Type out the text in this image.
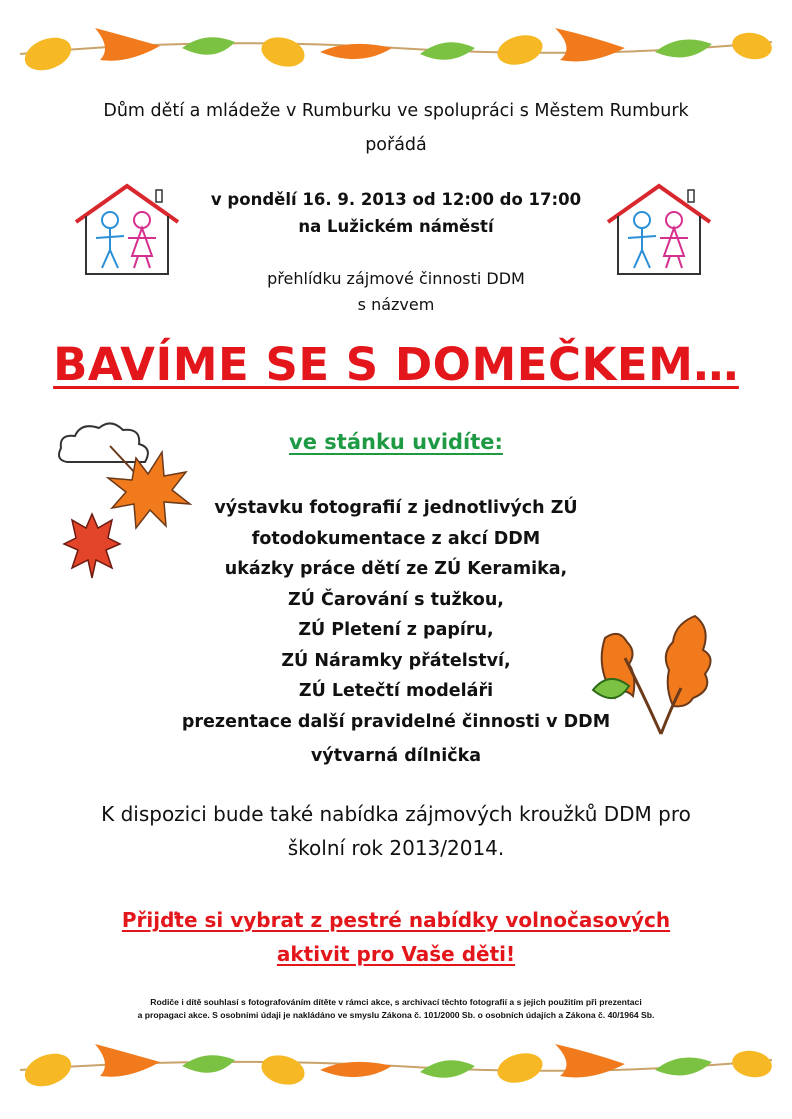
Dům dětí a mládeže v Rumburku ve spolupráci s Městem Rumburk
pořádá
v pondělí 16. 9. 2013 od 12:00 do 17:00
na Lužickém náměstí
přehlídku zájmové činnosti DDM
s názvem
BAVÍME SE S DOMEČKEM…
ve stánku uvidíte:
výstavku fotografií z jednotlivých ZÚ
fotodokumentace z akcí DDM
ukázky práce dětí ze ZÚ Keramika,
ZÚ Čarování s tužkou,
ZÚ Pletení z papíru,
ZÚ Náramky přátelství,
ZÚ Letečtí modeláři
prezentace další pravidelné činnosti v DDM
výtvarná dílnička
K dispozici bude také nabídka zájmových kroužků DDM pro
školní rok 2013/2014.
Přijďte si vybrat z pestré nabídky volnočasových
aktivit pro Vaše děti!
Rodiče i dítě souhlasí s fotografováním dítěte v rámci akce, s archivací těchto fotografií a s jejich použitím při prezentaci
a propagaci akce. S osobními údaji je nakládáno ve smyslu Zákona č. 101/2000 Sb. o osobních údajích a Zákona č. 40/1964 Sb.
